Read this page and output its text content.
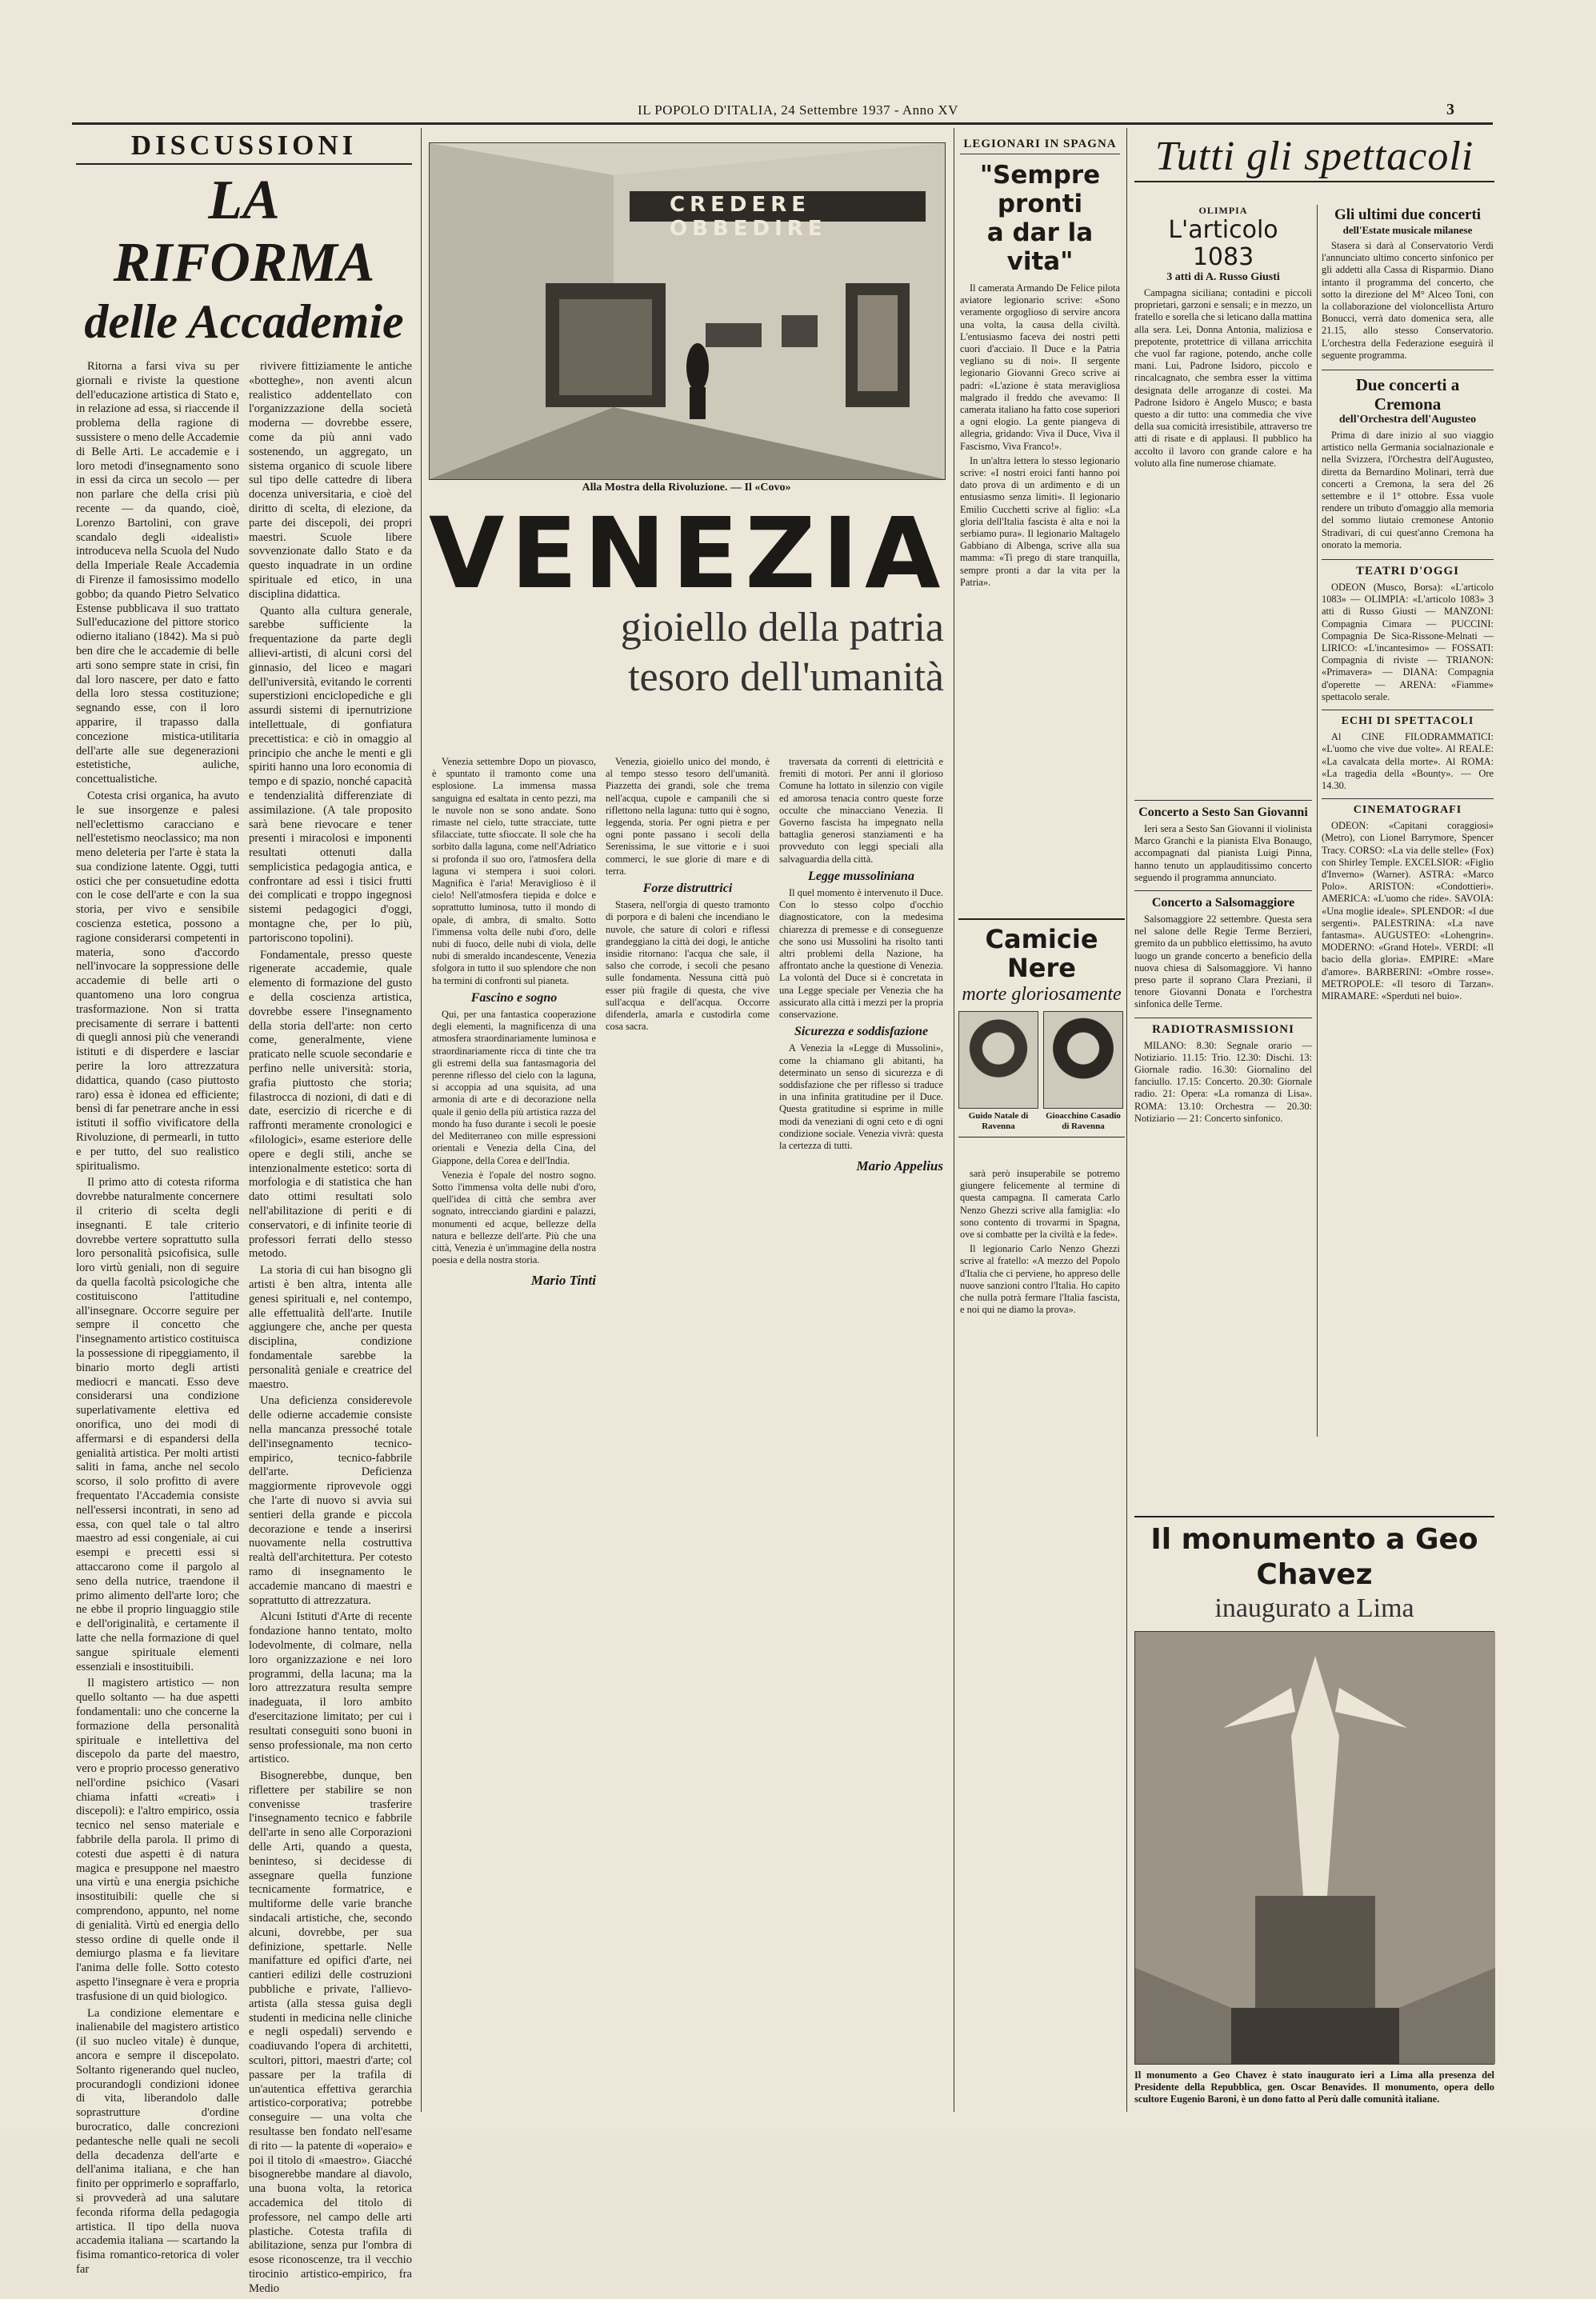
IL POPOLO D'ITALIA, 24 Settembre 1937 - Anno XV	3
DISCUSSIONI
LA RIFORMA
delle Accademie

Ritorna a farsi viva su per giornali e riviste la questione dell'educazione artistica di Stato e, in relazione ad essa, si riaccende il problema della ragione di sussistere o meno delle Accademie di Belle Arti. Le accademie e i loro metodi d'insegnamento sono in essi da circa un secolo — per non parlare che della crisi più recente — da quando, cioè, Lorenzo Bartolini, con grave scandalo degli «idealisti» introduceva nella Scuola del Nudo della Imperiale Reale Accademia di Firenze il famosissimo modello gobbo; da quando Pietro Selvatico Estense pubblicava il suo trattato Sull'educazione del pittore storico odierno italiano (1842). Ma si può ben dire che le accademie di belle arti sono sempre state in crisi, fin dal loro nascere, per dato e fatto della loro stessa costituzione; segnando esse, con il loro apparire, il trapasso dalla concezione mistica-utilitaria dell'arte alle sue degenerazioni estetistiche, auliche, concettualistiche.

Cotesta crisi organica, ha avuto le sue insorgenze e palesi nell'eclettismo caracciano e nell'estetismo neoclassico; ma non meno deleteria per l'arte è stata la sua condizione latente. Oggi, tutti ostici che per consuetudine edotta con le cose dell'arte e con la sua storia, per vivo e sensibile coscienza estetica, possono a ragione considerarsi competenti in materia, sono d'accordo nell'invocare la soppressione delle accademie di belle arti o quantomeno una loro congrua trasformazione. Non si tratta precisamente di serrare i battenti di quegli annosi più che venerandi istituti e di disperdere e lasciar perire la loro attrezzatura didattica, quando (caso piuttosto raro) essa è idonea ed efficiente; bensì di far penetrare anche in essi istituti il soffio vivificatore della Rivoluzione, di permearli, in tutto e per tutto, del suo realistico spiritualismo.

Il primo atto di cotesta riforma dovrebbe naturalmente concernere il criterio di scelta degli insegnanti. E tale criterio dovrebbe vertere soprattutto sulla loro personalità psicofisica, sulle loro virtù geniali, non di seguire da quella facoltà psicologiche che costituiscono l'attitudine all'insegnare. Occorre seguire per sempre il concetto che l'insegnamento artistico costituisca la possessione di ripeggiamento, il binario morto degli artisti mediocri e mancati. Esso deve considerarsi una condizione superlativamente elettiva ed onorifica, uno dei modi di affermarsi e di espandersi della genialità artistica. Per molti artisti saliti in fama, anche nel secolo scorso, il solo profitto di avere frequentato l'Accademia consiste nell'essersi incontrati, in seno ad essa, con quel tale o tal altro maestro ad essi congeniale, ai cui esempi e precetti essi si attaccarono come il pargolo al seno della nutrice, traendone il primo alimento dell'arte loro; che ne ebbe il proprio linguaggio stile e dell'originalità, e certamente il latte che nella formazione di quel sangue spirituale elementi essenziali e insostituibili.

Il magistero artistico — non quello soltanto — ha due aspetti fondamentali: uno che concerne la formazione della personalità spirituale e intellettiva del discepolo da parte del maestro, vero e proprio processo generativo nell'ordine psichico (Vasari chiama infatti «creati» i discepoli): e l'altro empirico, ossia tecnico nel senso materiale e fabbrile della parola. Il primo di cotesti due aspetti è di natura magica e presuppone nel maestro una virtù e una energia psichiche insostituibili: quelle che si comprendono, appunto, nel nome di genialità. Virtù ed energia dello stesso ordine di quelle onde il demiurgo plasma e fa lievitare l'anima delle folle. Sotto cotesto aspetto l'insegnare è vera e propria trasfusione di un quid biologico.

La condizione elementare e inalienabile del magistero artistico (il suo nucleo vitale) è dunque, ancora e sempre il discepolato. Soltanto rigenerando quel nucleo, procurandogli condizioni idonee di vita, liberandolo dalle soprastrutture d'ordine burocratico, dalle concrezioni pedantesche nelle quali ne secoli della decadenza dell'arte e dell'anima italiana, e che han finito per opprimerlo e sopraffarlo, si provvederà ad una salutare feconda riforma della pedagogia artistica. Il tipo della nuova accademia italiana — scartando la fisima romantico-retorica di voler far

rivivere fittiziamente le antiche «botteghe», non aventi alcun realistico addentellato con l'organizzazione della società moderna — dovrebbe essere, come da più anni vado sostenendo, un aggregato, un sistema organico di scuole libere sul tipo delle cattedre di libera docenza universitaria, e cioè del diritto di scelta, di elezione, da parte dei discepoli, dei propri maestri. Scuole libere sovvenzionate dallo Stato e da questo inquadrate in un ordine spirituale ed etico, in una disciplina didattica.

Quanto alla cultura generale, sarebbe sufficiente la frequentazione da parte degli allievi-artisti, di alcuni corsi del ginnasio, del liceo e magari dell'università, evitando le correnti superstizioni enciclopediche e gli assurdi sistemi di ipernutrizione intellettuale, di gonfiatura precettistica: e ciò in omaggio al principio che anche le menti e gli spiriti hanno una loro economia di tempo e di spazio, nonché capacità e tendenzialità differenziate di assimilazione. (A tale proposito sarà bene rievocare e tener presenti i miracolosi e imponenti resultati ottenuti dalla semplicistica pedagogia antica, e confrontare ad essi i tisici frutti dei complicati e troppo ingegnosi sistemi pedagogici d'oggi, montagne che, per lo più, partoriscono topolini).

Fondamentale, presso queste rigenerate accademie, quale elemento di formazione del gusto e della coscienza artistica, dovrebbe essere l'insegnamento della storia dell'arte: non certo come, generalmente, viene praticato nelle scuole secondarie e perfino nelle università: storia, grafia piuttosto che storia; filastrocca di nozioni, di dati e di date, esercizio di ricerche e di raffronti meramente cronologici e «filologici», esame esteriore delle opere e degli stili, anche se intenzionalmente estetico: sorta di morfologia e di statistica che han dato ottimi resultati solo nell'abilitazione di periti e di conservatori, e di infinite teorie di professori ferrati dello stesso metodo.

La storia di cui han bisogno gli artisti è ben altra, intenta alle genesi spirituali e, nel contempo, alle effettualità dell'arte. Inutile aggiungere che, anche per questa disciplina, condizione fondamentale sarebbe la personalità geniale e creatrice del maestro.

Una deficienza considerevole delle odierne accademie consiste nella mancanza pressoché totale dell'insegnamento tecnico-empirico, tecnico-fabbrile dell'arte. Deficienza maggiormente riprovevole oggi che l'arte di nuovo si avvia sui sentieri della grande e piccola decorazione e tende a inserirsi nuovamente nella costruttiva realtà dell'architettura. Per cotesto ramo di insegnamento le accademie mancano di maestri e soprattutto di attrezzatura.

Alcuni Istituti d'Arte di recente fondazione hanno tentato, molto lodevolmente, di colmare, nella loro organizzazione e nei loro programmi, della lacuna; ma la loro attrezzatura resulta sempre inadeguata, il loro ambito d'esercitazione limitato; per cui i resultati conseguiti sono buoni in senso professionale, ma non certo artistico.

Bisognerebbe, dunque, ben riflettere per stabilire se non convenisse trasferire l'insegnamento tecnico e fabbrile dell'arte in seno alle Corporazioni delle Arti, quando a questa, beninteso, si decidesse di assegnare quella funzione tecnicamente formatrice, e multiforme delle varie branche sindacali artistiche, che, secondo alcuni, dovrebbe, per sua definizione, spettarle. Nelle manifatture ed opifici d'arte, nei cantieri edilizi delle costruzioni pubbliche e private, l'allievo-artista (alla stessa guisa degli studenti in medicina nelle cliniche e negli ospedali) servendo e coadiuvando l'opera di architetti, scultori, pittori, maestri d'arte; col passare per la trafila di un'autentica effettiva gerarchia artistico-corporativa; potrebbe conseguire — una volta che resultasse ben fondato nell'esame di rito — la patente di «operaio» e poi il titolo di «maestro». Giacché bisognerebbe mandare al diavolo, una buona volta, la retorica accademica del titolo di professore, nel campo delle arti plastiche. Cotesta trafila di abilitazione, senza pur l'ombra di esose riconoscenze, tra il vecchio tirocinio artistico-empirico, fra Medio

CREDERE OBBEDIRE
Alla Mostra della Rivoluzione. — Il «Covo»
VENEZIA
gioiello della patria
tesoro dell'umanità

Venezia settembre Dopo un piovasco, è spuntato il tramonto come una esplosione. La immensa massa sanguigna ed esaltata in cento pezzi, ma le nuvole non se sono andate. Sono rimaste nel cielo, tutte stracciate, tutte sfilacciate, tutte sfioccate. Il sole che ha sorbito dalla laguna, come nell'Adriatico si profonda il suo oro, l'atmosfera della laguna vi stempera i suoi colori. Magnifica è l'aria! Meraviglioso è il cielo! Nell'atmosfera tiepida e dolce e soprattutto luminosa, tutto il mondo di opale, di ambra, di smalto. Sotto l'immensa volta delle nubi d'oro, delle nubi di fuoco, delle nubi di viola, delle nubi di smeraldo incandescente, Venezia sfolgora in tutto il suo splendore che non ha termini di confronti sul pianeta.

Fascino e sogno

Qui, per una fantastica cooperazione degli elementi, la magnificenza di una atmosfera straordinariamente luminosa e straordinariamente ricca di tinte che tra gli estremi della sua fantasmagoria del perenne riflesso del cielo con la laguna, si accoppia ad una squisita, ad una armonia di arte e di decorazione nella quale il genio della più artistica razza del mondo ha fuso durante i secoli le poesie del Mediterraneo con mille espressioni orientali e Venezia della Cina, del Giappone, della Corea e dell'India.

Venezia è l'opale del nostro sogno. Sotto l'immensa volta delle nubi d'oro, quell'idea di città che sembra aver sognato, intrecciando giardini e palazzi, monumenti ed acque, bellezze della natura e bellezze dell'arte. Più che una città, Venezia è un'immagine della nostra poesia e della nostra storia.

Mario Tinti

Venezia, gioiello unico del mondo, è al tempo stesso tesoro dell'umanità. Piazzetta dei grandi, sole che trema nell'acqua, cupole e campanili che si riflettono nella laguna: tutto qui è sogno, leggenda, storia. Per ogni pietra e per ogni ponte passano i secoli della Serenissima, le sue vittorie e i suoi commerci, le sue glorie di mare e di terra.

Forze distruttrici

Stasera, nell'orgia di questo tramonto di porpora e di baleni che incendiano le nuvole, che sature di colori e riflessi grandeggiano la città dei dogi, le antiche insidie ritornano: l'acqua che sale, il salso che corrode, i secoli che pesano sulle fondamenta. Nessuna città può esser più fragile di questa, che vive sull'acqua e dell'acqua. Occorre difenderla, amarla e custodirla come cosa sacra.

traversata da correnti di elettricità e fremiti di motori. Per anni il glorioso Comune ha lottato in silenzio con vigile ed amorosa tenacia contro queste forze occulte che minacciano Venezia. Il Governo fascista ha impegnato nella battaglia generosi stanziamenti e ha provveduto con leggi speciali alla salvaguardia della città.

Legge mussoliniana

Il quel momento è intervenuto il Duce. Con lo stesso colpo d'occhio diagnosticatore, con la medesima chiarezza di premesse e di conseguenze che sono usi Mussolini ha risolto tanti altri problemi della Nazione, ha affrontato anche la questione di Venezia. La volontà del Duce si è concretata in una Legge speciale per Venezia che ha assicurato alla città i mezzi per la propria conservazione.

Sicurezza e soddisfazione

A Venezia la «Legge di Mussolini», come la chiamano gli abitanti, ha determinato un senso di sicurezza e di soddisfazione che per riflesso si traduce in una infinita gratitudine per il Duce. Questa gratitudine si esprime in mille modi da veneziani di ogni ceto e di ogni condizione sociale. Venezia vivrà: questa la certezza di tutti.

Mario Appelius
LEGIONARI IN SPAGNA
"Sempre pronti
a dar la vita"

Il camerata Armando De Felice pilota aviatore legionario scrive: «Sono veramente orgoglioso di servire ancora una volta, la causa della civiltà. L'entusiasmo faceva dei nostri petti cuori d'acciaio. Il Duce e la Patria vegliano su di noi». Il sergente legionario Giovanni Greco scrive ai padri: «L'azione è stata meravigliosa malgrado il freddo che avevamo: Il camerata italiano ha fatto cose superiori a ogni elogio. La gente piangeva di allegria, gridando: Viva il Duce, Viva il Fascismo, Viva Franco!».

In un'altra lettera lo stesso legionario scrive: «I nostri eroici fanti hanno poi dato prova di un ardimento e di un entusiasmo senza limiti». Il legionario Emilio Cucchetti scrive al figlio: «La gloria dell'Italia fascista è alta e noi la serbiamo pura». Il legionario Maltagelo Gabbiano di Albenga, scrive alla sua mamma: «Ti prego di stare tranquilla, sempre pronti a dar la vita per la Patria».

Camicie Nere
morte gloriosamente
Guido Natale di Ravenna
Gioacchino Casadio di Ravenna

sarà però insuperabile se potremo giungere felicemente al termine di questa campagna. Il camerata Carlo Nenzo Ghezzi scrive alla famiglia: «Io sono contento di trovarmi in Spagna, ove si combatte per la civiltà e la fede».

Il legionario Carlo Nenzo Ghezzi scrive al fratello: «A mezzo del Popolo d'Italia che ci perviene, ho appreso delle nuove sanzioni contro l'Italia. Ho capito che nulla potrà fermare l'Italia fascista, e noi qui ne diamo la prova».

Tutti gli spettacoli
OLIMPIA
L'articolo 1083
3 atti di A. Russo Giusti

Campagna siciliana; contadini e piccoli proprietari, garzoni e sensali; e in mezzo, un fratello e sorella che si leticano dalla mattina alla sera. Lei, Donna Antonia, maliziosa e prepotente, protettrice di villana arricchita che vuol far ragione, potendo, anche colle mani. Lui, Padrone Isidoro, piccolo e rincalcagnato, che sembra esser la vittima designata delle arroganze di costei. Ma Padrone Isidoro è Angelo Musco; e basta questo a dir tutto: una commedia che vive della sua comicità irresistibile, attraverso tre atti di risate e di applausi. Il pubblico ha accolto il lavoro con grande calore e ha voluto alla fine numerose chiamate.

Gli ultimi due concerti
dell'Estate musicale milanese

Stasera si darà al Conservatorio Verdi l'annunciato ultimo concerto sinfonico per gli addetti alla Cassa di Risparmio. Diano intanto il programma del concerto, che sotto la direzione del M° Alceo Toni, con la collaborazione del violoncellista Arturo Bonucci, verrà dato domenica sera, alle 21.15, allo stesso Conservatorio. L'orchestra della Federazione eseguirà il seguente programma.

Due concerti a Cremona
dell'Orchestra dell'Augusteo

Prima di dare inizio al suo viaggio artistico nella Germania socialnazionale e nella Svizzera, l'Orchestra dell'Augusteo, diretta da Bernardino Molinari, terrà due concerti a Cremona, la sera del 26 settembre e il 1° ottobre. Essa vuole rendere un tributo d'omaggio alla memoria del sommo liutaio cremonese Antonio Stradivari, di cui quest'anno Cremona ha onorato la memoria.

TEATRI D'OGGI

ODEON (Musco, Borsa): «L'articolo 1083» — OLIMPIA: «L'articolo 1083» 3 atti di Russo Giusti — MANZONI: Compagnia Cimara — PUCCINI: Compagnia De Sica-Rissone-Melnati — LIRICO: «L'incantesimo» — FOSSATI: Compagnia di riviste — TRIANON: «Primavera» — DIANA: Compagnia d'operette — ARENA: «Fiamme» spettacolo serale.

ECHI DI SPETTACOLI

Al CINE FILODRAMMATICI: «L'uomo che vive due volte». Al REALE: «La cavalcata della morte». Al ROMA: «La tragedia della «Bounty». — Ore 14.30.

CINEMATOGRAFI

ODEON: «Capitani coraggiosi» (Metro), con Lionel Barrymore, Spencer Tracy. CORSO: «La via delle stelle» (Fox) con Shirley Temple. EXCELSIOR: «Figlio d'Inverno» (Warner). ASTRA: «Marco Polo». ARISTON: «Condottieri». AMERICA: «L'uomo che ride». SAVOIA: «Una moglie ideale». SPLENDOR: «I due sergenti». PALESTRINA: «La nave fantasma». AUGUSTEO: «Lohengrin». MODERNO: «Grand Hotel». VERDI: «Il bacio della gloria». EMPIRE: «Mare d'amore». BARBERINI: «Ombre rosse». METROPOLE: «Il tesoro di Tarzan». MIRAMARE: «Sperduti nel buio».

Concerto a Sesto San Giovanni

Ieri sera a Sesto San Giovanni il violinista Marco Granchi e la pianista Elva Bonaugo, accompagnati dal pianista Luigi Pinna, hanno tenuto un applauditissimo concerto seguendo il programma annunciato.

Concerto a Salsomaggiore

Salsomaggiore 22 settembre. Questa sera nel salone delle Regie Terme Berzieri, gremito da un pubblico elettissimo, ha avuto luogo un grande concerto a beneficio della nuova chiesa di Salsomaggiore. Vi hanno preso parte il soprano Clara Preziani, il tenore Giovanni Donata e l'orchestra sinfonica delle Terme.

RADIOTRASMISSIONI

MILANO: 8.30: Segnale orario — Notiziario. 11.15: Trio. 12.30: Dischi. 13: Giornale radio. 16.30: Giornalino del fanciullo. 17.15: Concerto. 20.30: Giornale radio. 21: Opera: «La romanza di Lisa». ROMA: 13.10: Orchestra — 20.30: Notiziario — 21: Concerto sinfonico.

Il monumento a Geo Chavez
inaugurato a Lima
Il monumento a Geo Chavez è stato inaugurato ieri a Lima alla presenza del Presidente della Repubblica, gen. Oscar Benavides. Il monumento, opera dello scultore Eugenio Baroni, è un dono fatto al Perù dalle comunità italiane.
